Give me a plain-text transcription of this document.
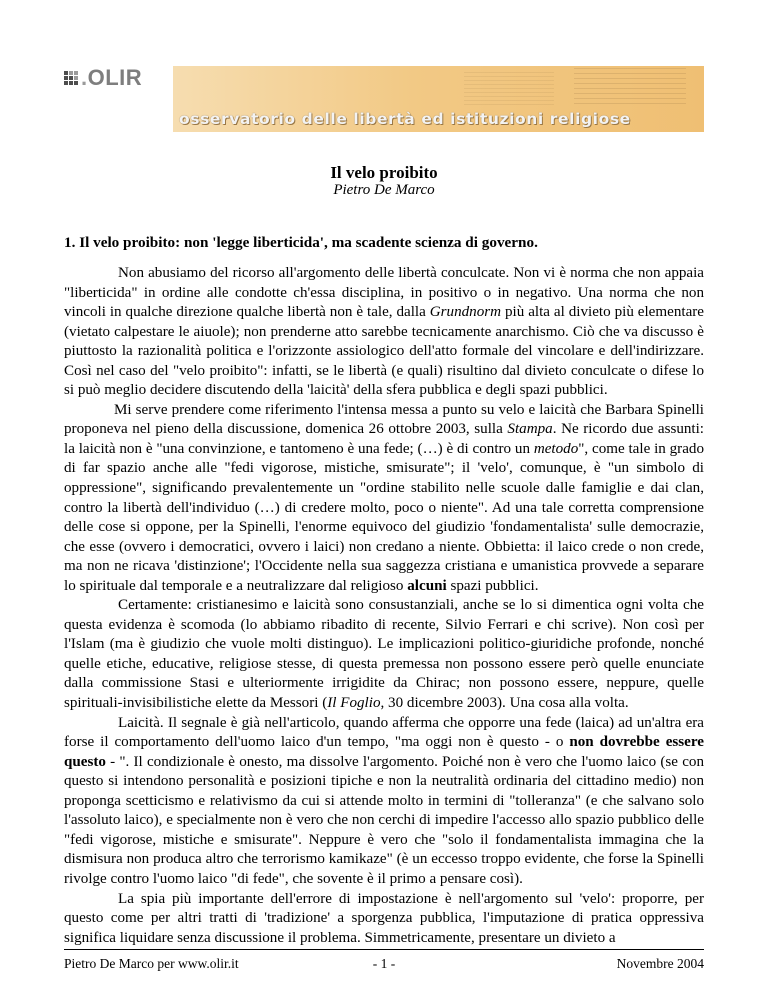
.OLIR
osservatorio delle libertà ed istituzioni religiose
Il velo proibito
Pietro De Marco
1. Il velo proibito: non 'legge liberticida', ma scadente scienza di governo.

Non abusiamo del ricorso all'argomento delle libertà conculcate. Non vi è norma che non appaia "liberticida" in ordine alle condotte ch'essa disciplina, in positivo o in negativo. Una norma che non vincoli in qualche direzione qualche libertà non è tale, dalla Grundnorm più alta al divieto più elementare (vietato calpestare le aiuole); non prenderne atto sarebbe tecnicamente anarchismo. Ciò che va discusso è piuttosto la razionalità politica e l'orizzonte assiologico dell'atto formale del vincolare e dell'indirizzare. Così nel caso del "velo proibito": infatti, se le libertà (e quali) risultino dal divieto conculcate o difese lo si può meglio decidere discutendo della 'laicità' della sfera pubblica e degli spazi pubblici.

Mi serve prendere come riferimento l'intensa messa a punto su velo e laicità che Barbara Spinelli proponeva nel pieno della discussione, domenica 26 ottobre 2003, sulla Stampa. Ne ricordo due assunti: la laicità non è "una convinzione, e tantomeno è una fede; (…) è di contro un metodo", come tale in grado di far spazio anche alle "fedi vigorose, mistiche, smisurate"; il 'velo', comunque, è "un simbolo di oppressione", significando prevalentemente un "ordine stabilito nelle scuole dalle famiglie e dai clan, contro la libertà dell'individuo (…) di credere molto, poco o niente". Ad una tale corretta comprensione delle cose si oppone, per la Spinelli, l'enorme equivoco del giudizio 'fondamentalista' sulle democrazie, che esse (ovvero i democratici, ovvero i laici) non credano a niente. Obbietta: il laico crede o non crede, ma non ne ricava 'distinzione'; l'Occidente nella sua saggezza cristiana e umanistica provvede a separare lo spirituale dal temporale e a neutralizzare dal religioso alcuni spazi pubblici.

Certamente: cristianesimo e laicità sono consustanziali, anche se lo si dimentica ogni volta che questa evidenza è scomoda (lo abbiamo ribadito di recente, Silvio Ferrari e chi scrive). Non così per l'Islam (ma è giudizio che vuole molti distinguo). Le implicazioni politico-giuridiche profonde, nonché quelle etiche, educative, religiose stesse, di questa premessa non possono essere però quelle enunciate dalla commissione Stasi e ulteriormente irrigidite da Chirac; non possono essere, neppure, quelle spirituali-invisibilistiche elette da Messori (Il Foglio, 30 dicembre 2003). Una cosa alla volta.

Laicità. Il segnale è già nell'articolo, quando afferma che opporre una fede (laica) ad un'altra era forse il comportamento dell'uomo laico d'un tempo, "ma oggi non è questo - o non dovrebbe essere questo - ". Il condizionale è onesto, ma dissolve l'argomento. Poiché non è vero che l'uomo laico (se con questo si intendono personalità e posizioni tipiche e non la neutralità ordinaria del cittadino medio) non proponga scetticismo e relativismo da cui si attende molto in termini di "tolleranza" (e che salvano solo l'assoluto laico), e specialmente non è vero che non cerchi di impedire l'accesso allo spazio pubblico delle "fedi vigorose, mistiche e smisurate". Neppure è vero che "solo il fondamentalista immagina che la dismisura non produca altro che terrorismo kamikaze" (è un eccesso troppo evidente, che forse la Spinelli rivolge contro l'uomo laico "di fede", che sovente è il primo a pensare così).

La spia più importante dell'errore di impostazione è nell'argomento sul 'velo': proporre, per questo come per altri tratti di 'tradizione' a sporgenza pubblica, l'imputazione di pratica oppressiva significa liquidare senza discussione il problema. Simmetricamente, presentare un divieto a

Pietro De Marco per www.olir.it	- 1 -	Novembre 2004
